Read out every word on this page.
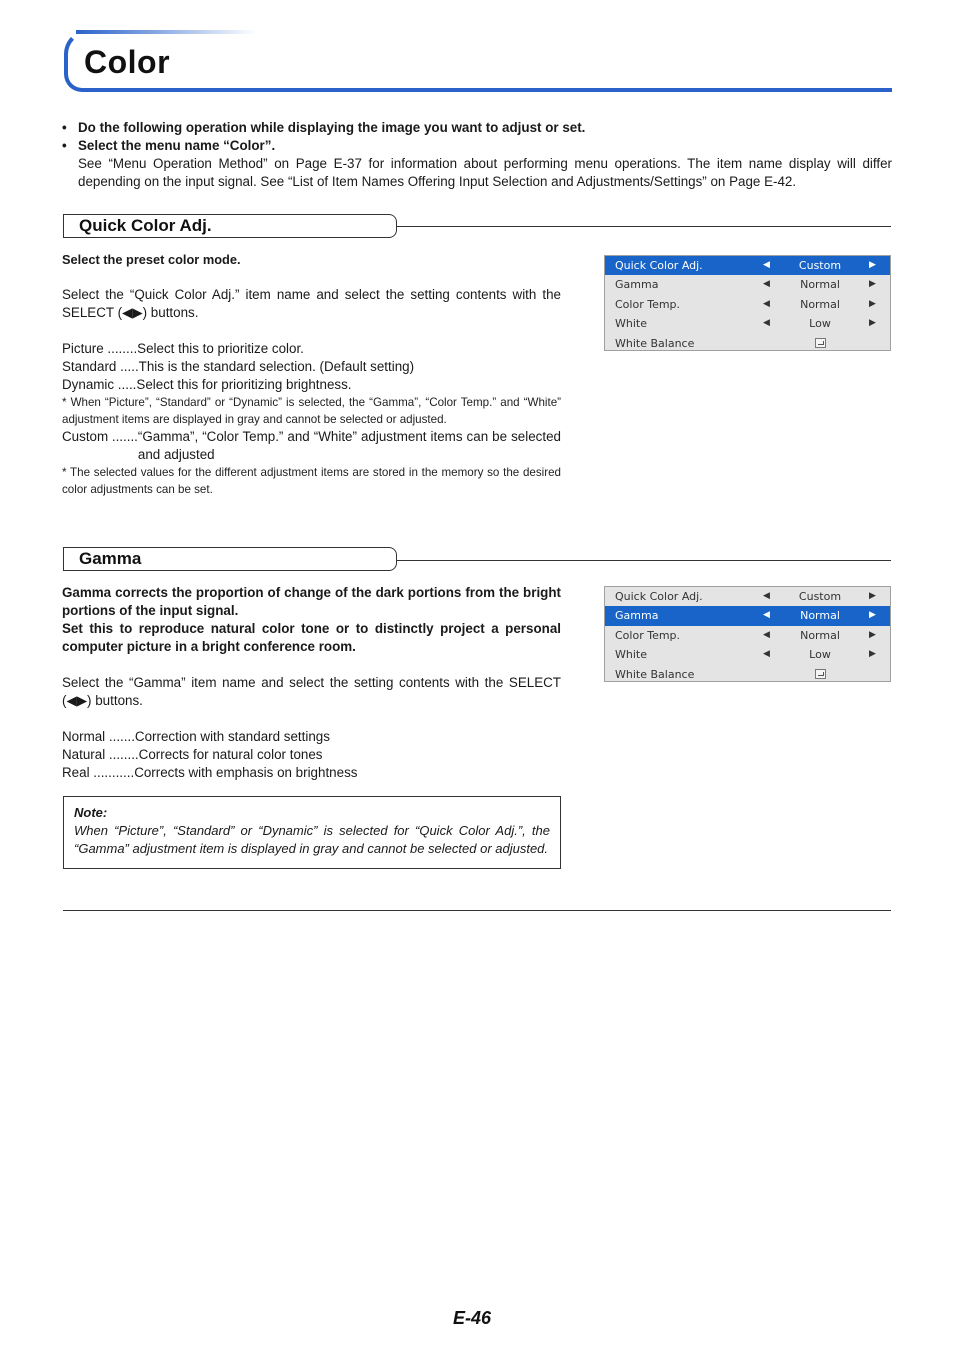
Color
• Do the following operation while displaying the image you want to adjust or set.
• Select the menu name “Color”.
See “Menu Operation Method” on Page E-37 for information about performing menu operations. The item name display will differ depending on the input signal. See “List of Item Names Offering Input Selection and Adjustments/Settings” on Page E-42.
Quick Color Adj.
Select the preset color mode.
Select the “Quick Color Adj.” item name and select the setting contents with the SELECT (◀▶) buttons.
Picture ........ Select this to prioritize color.
Standard ..... This is the standard selection. (Default setting)
Dynamic ..... Select this for prioritizing brightness.
* When “Picture”, “Standard” or “Dynamic” is selected, the “Gamma”, “Color Temp.” and “White” adjustment items are displayed in gray and cannot be selected or adjusted.
Custom ....... “Gamma”, “Color Temp.” and “White” adjustment items can be selected and adjusted
* The selected values for the different adjustment items are stored in the memory so the desired color adjustments can be set.
Quick Color Adj.	◀	Custom	▶
Gamma	◀	Normal	▶
Color Temp.	◀	Normal	▶
White	◀	Low	▶
White Balance
Gamma
Gamma corrects the proportion of change of the dark portions from the bright portions of the input signal.
Set this to reproduce natural color tone or to distinctly project a personal computer picture in a bright conference room.
Select the “Gamma” item name and select the setting contents with the SELECT (◀▶) buttons.
Normal ....... Correction with standard settings
Natural ........ Corrects for natural color tones
Real ........... Corrects with emphasis on brightness
Note:
When “Picture”, “Standard” or “Dynamic” is selected for “Quick Color Adj.”, the “Gamma” adjustment item is displayed in gray and cannot be selected or adjusted.
Quick Color Adj.	◀	Custom	▶
Gamma	◀	Normal	▶
Color Temp.	◀	Normal	▶
White	◀	Low	▶
White Balance
E-46
